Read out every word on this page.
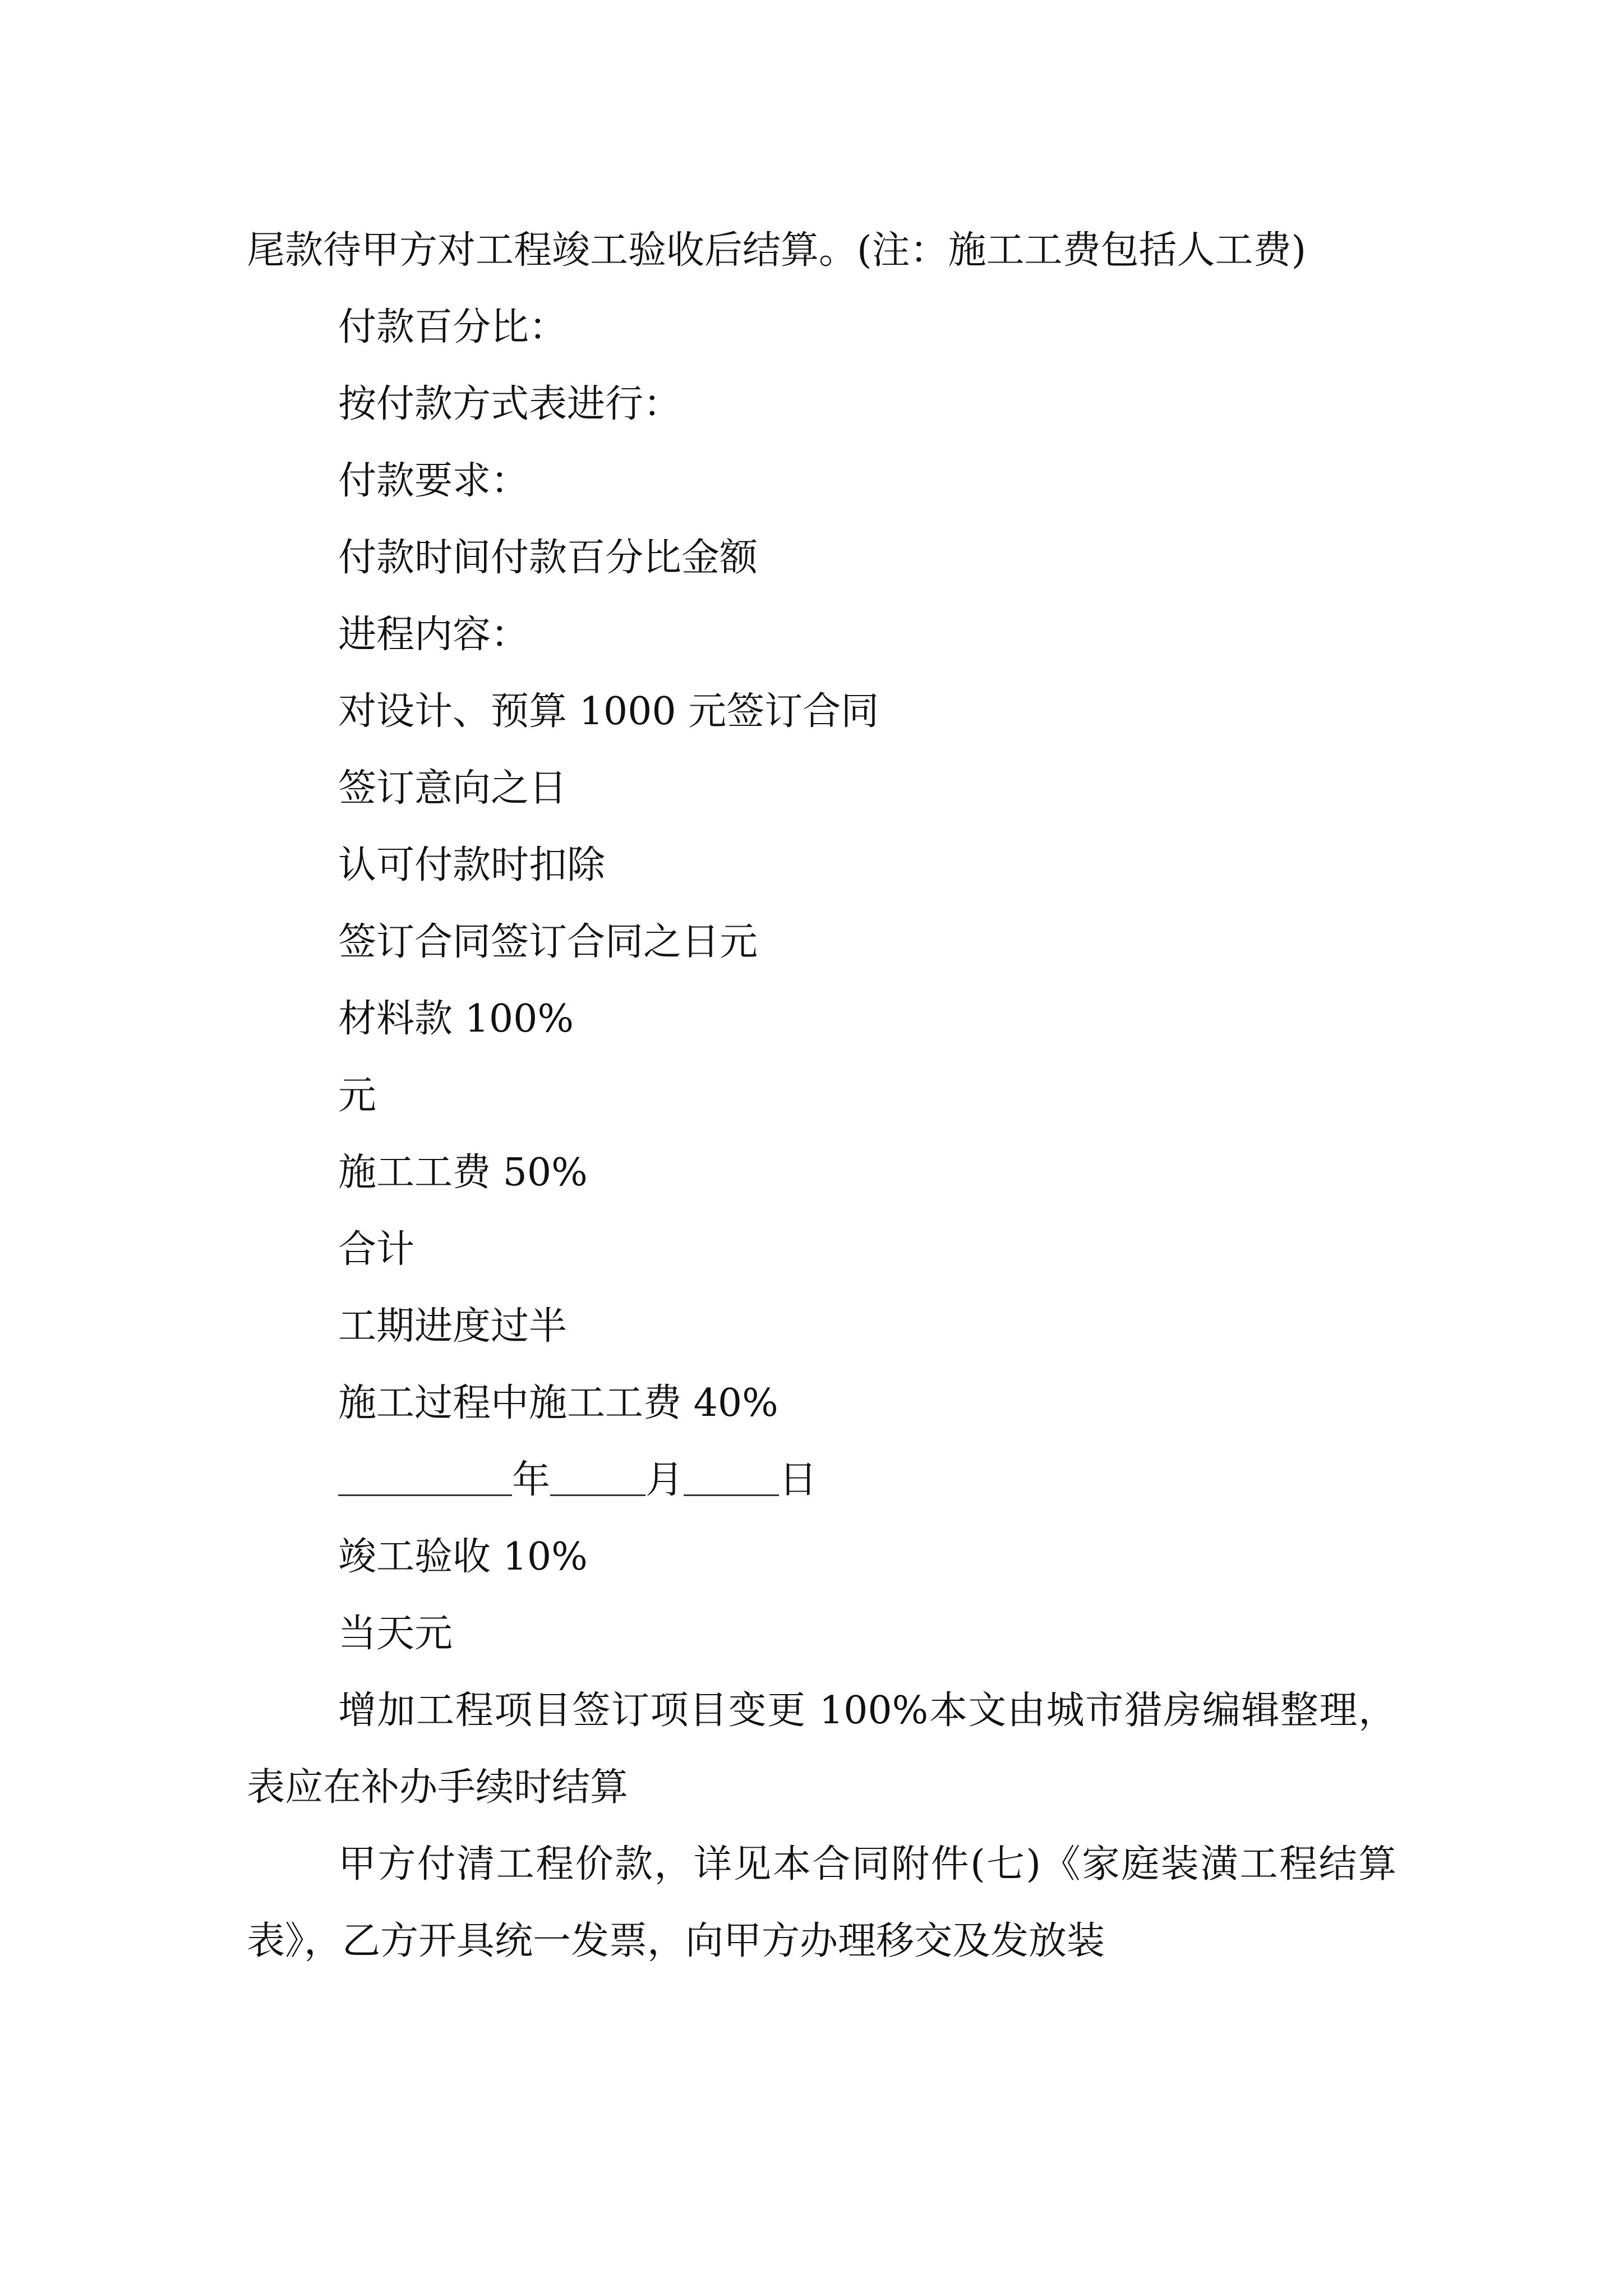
尾款待甲方对工程竣工验收后结算。(注：施工工费包括人工费)

付款百分比：

按付款方式表进行：

付款要求：

付款时间付款百分比金额

进程内容：

对设计、预算 1000 元签订合同

签订意向之日

认可付款时扣除

签订合同签订合同之日元

材料款 100%

元

施工工费 50%

合计

工期进度过半

施工过程中施工工费 40%

年	月	日

竣工验收 10%

当天元

增加工程项目签订项目变更 100%本文由城市猎房编辑整理，表应在补办手续时结算

甲方付清工程价款，详见本合同附件(七)《家庭装潢工程结算表》，乙方开具统一发票，向甲方办理移交及发放装
